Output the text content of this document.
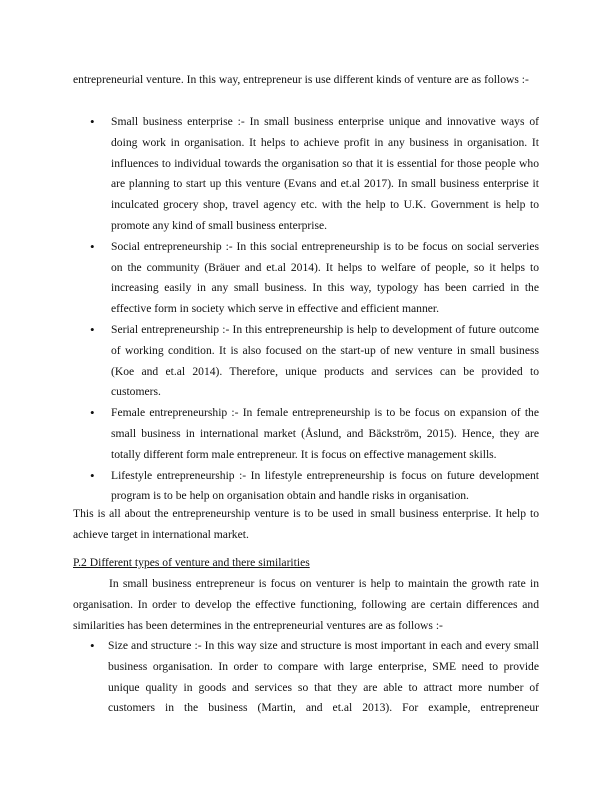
entrepreneurial venture. In this way, entrepreneur is use different kinds of venture are as follows :-
• Small business enterprise :- In small business enterprise unique and innovative ways of doing work in organisation. It helps to achieve profit in any business in organisation. It influences to individual towards the organisation so that it is essential for those people who are planning to start up this venture (Evans and et.al 2017). In small business enterprise it inculcated grocery shop, travel agency etc. with the help to U.K. Government is help to promote any kind of small business enterprise.
• Social entrepreneurship :- In this social entrepreneurship is to be focus on social serveries on the community (Bräuer and et.al 2014). It helps to welfare of people, so it helps to increasing easily in any small business. In this way, typology has been carried in the effective form in society which serve in effective and efficient manner.
• Serial entrepreneurship :- In this entrepreneurship is help to development of future outcome of working condition. It is also focused on the start-up of new venture in small business (Koe and et.al 2014). Therefore, unique products and services can be provided to customers.
• Female entrepreneurship :- In female entrepreneurship is to be focus on expansion of the small business in international market (Åslund, and Bäckström, 2015). Hence, they are totally different form male entrepreneur. It is focus on effective management skills.
• Lifestyle entrepreneurship :- In lifestyle entrepreneurship is focus on future development program is to be help on organisation obtain and handle risks in organisation.
This is all about the entrepreneurship venture is to be used in small business enterprise. It help to achieve target in international market.
P.2 Different types of venture and there similarities
In small business entrepreneur is focus on venturer is help to maintain the growth rate in organisation. In order to develop the effective functioning, following are certain differences and similarities has been determines in the entrepreneurial ventures are as follows :-
• Size and structure :- In this way size and structure is most important in each and every small business organisation. In order to compare with large enterprise, SME need to provide unique quality in goods and services so that they are able to attract more number of customers in the business (Martin, and et.al 2013). For example, entrepreneur
